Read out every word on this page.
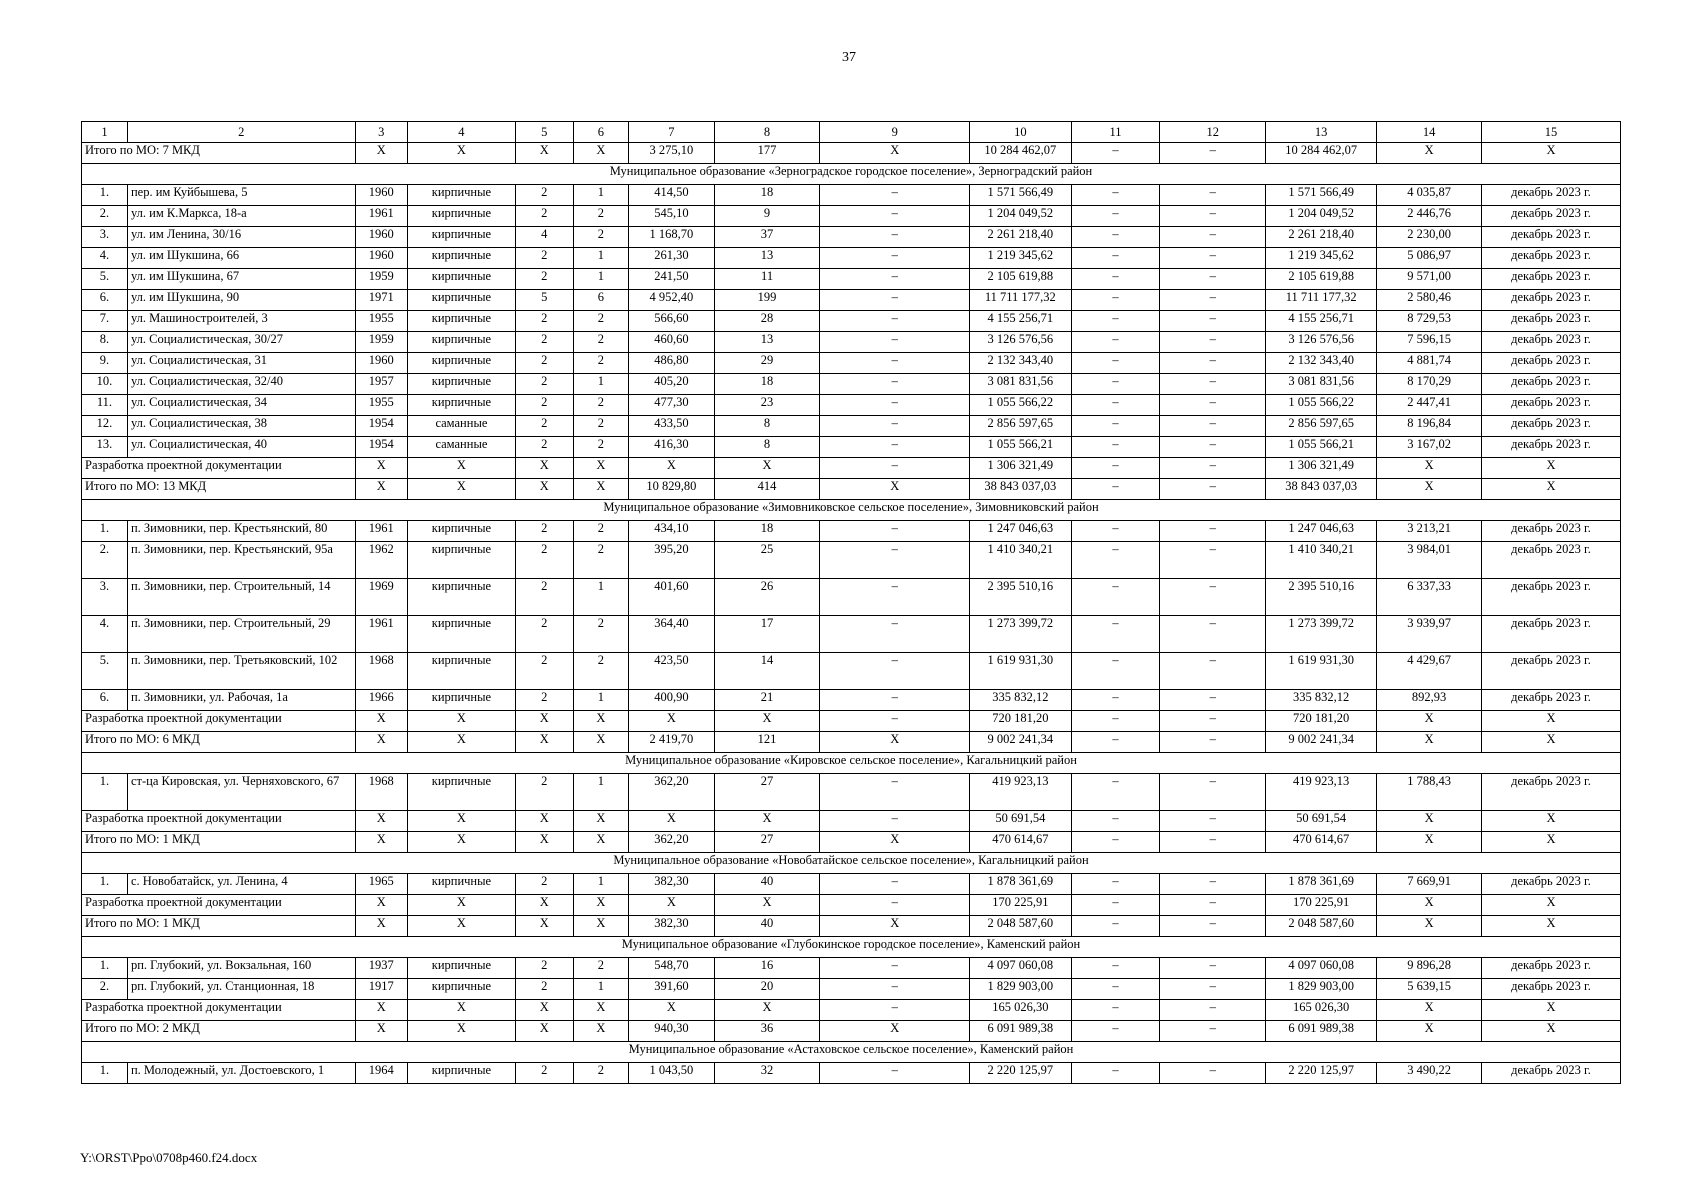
37
1	2	3	4	5	6	7	8	9	10	11	12	13	14	15
Итого по МО: 7 МКД		X	X	X	X	3 275,10	177	X	10 284 462,07	–	–	10 284 462,07	X	X
Муниципальное образование «Зерноградское городское поселение», Зерноградский район														
1.	пер. им Куйбышева, 5	1960	кирпичные	2	1	414,50	18	–	1 571 566,49	–	–	1 571 566,49	4 035,87	декабрь 2023 г.
2.	ул. им К.Маркса, 18-а	1961	кирпичные	2	2	545,10	9	–	1 204 049,52	–	–	1 204 049,52	2 446,76	декабрь 2023 г.
3.	ул. им Ленина, 30/16	1960	кирпичные	4	2	1 168,70	37	–	2 261 218,40	–	–	2 261 218,40	2 230,00	декабрь 2023 г.
4.	ул. им Шукшина, 66	1960	кирпичные	2	1	261,30	13	–	1 219 345,62	–	–	1 219 345,62	5 086,97	декабрь 2023 г.
5.	ул. им Шукшина, 67	1959	кирпичные	2	1	241,50	11	–	2 105 619,88	–	–	2 105 619,88	9 571,00	декабрь 2023 г.
6.	ул. им Шукшина, 90	1971	кирпичные	5	6	4 952,40	199	–	11 711 177,32	–	–	11 711 177,32	2 580,46	декабрь 2023 г.
7.	ул. Машиностроителей, 3	1955	кирпичные	2	2	566,60	28	–	4 155 256,71	–	–	4 155 256,71	8 729,53	декабрь 2023 г.
8.	ул. Социалистическая, 30/27	1959	кирпичные	2	2	460,60	13	–	3 126 576,56	–	–	3 126 576,56	7 596,15	декабрь 2023 г.
9.	ул. Социалистическая, 31	1960	кирпичные	2	2	486,80	29	–	2 132 343,40	–	–	2 132 343,40	4 881,74	декабрь 2023 г.
10.	ул. Социалистическая, 32/40	1957	кирпичные	2	1	405,20	18	–	3 081 831,56	–	–	3 081 831,56	8 170,29	декабрь 2023 г.
11.	ул. Социалистическая, 34	1955	кирпичные	2	2	477,30	23	–	1 055 566,22	–	–	1 055 566,22	2 447,41	декабрь 2023 г.
12.	ул. Социалистическая, 38	1954	саманные	2	2	433,50	8	–	2 856 597,65	–	–	2 856 597,65	8 196,84	декабрь 2023 г.
13.	ул. Социалистическая, 40	1954	саманные	2	2	416,30	8	–	1 055 566,21	–	–	1 055 566,21	3 167,02	декабрь 2023 г.
Разработка проектной документации		X	X	X	X	X	X	–	1 306 321,49	–	–	1 306 321,49	X	X
Итого по МО: 13 МКД		X	X	X	X	10 829,80	414	X	38 843 037,03	–	–	38 843 037,03	X	X
Муниципальное образование «Зимовниковское сельское поселение», Зимовниковский район														
1.	п. Зимовники, пер. Крестьянский, 80	1961	кирпичные	2	2	434,10	18	–	1 247 046,63	–	–	1 247 046,63	3 213,21	декабрь 2023 г.
2.	п. Зимовники, пер. Крестьянский, 95а	1962	кирпичные	2	2	395,20	25	–	1 410 340,21	–	–	1 410 340,21	3 984,01	декабрь 2023 г.
3.	п. Зимовники, пер. Строительный, 14	1969	кирпичные	2	1	401,60	26	–	2 395 510,16	–	–	2 395 510,16	6 337,33	декабрь 2023 г.
4.	п. Зимовники, пер. Строительный, 29	1961	кирпичные	2	2	364,40	17	–	1 273 399,72	–	–	1 273 399,72	3 939,97	декабрь 2023 г.
5.	п. Зимовники, пер. Третьяковский, 102	1968	кирпичные	2	2	423,50	14	–	1 619 931,30	–	–	1 619 931,30	4 429,67	декабрь 2023 г.
6.	п. Зимовники, ул. Рабочая, 1а	1966	кирпичные	2	1	400,90	21	–	335 832,12	–	–	335 832,12	892,93	декабрь 2023 г.
Разработка проектной документации		X	X	X	X	X	X	–	720 181,20	–	–	720 181,20	X	X
Итого по МО: 6 МКД		X	X	X	X	2 419,70	121	X	9 002 241,34	–	–	9 002 241,34	X	X
Муниципальное образование «Кировское сельское поселение», Кагальницкий район														
1.	ст-ца Кировская, ул. Черняховского, 67	1968	кирпичные	2	1	362,20	27	–	419 923,13	–	–	419 923,13	1 788,43	декабрь 2023 г.
Разработка проектной документации		X	X	X	X	X	X	–	50 691,54	–	–	50 691,54	X	X
Итого по МО: 1 МКД		X	X	X	X	362,20	27	X	470 614,67	–	–	470 614,67	X	X
Муниципальное образование «Новобатайское сельское поселение», Кагальницкий район														
1.	с. Новобатайск, ул. Ленина, 4	1965	кирпичные	2	1	382,30	40	–	1 878 361,69	–	–	1 878 361,69	7 669,91	декабрь 2023 г.
Разработка проектной документации		X	X	X	X	X	X	–	170 225,91	–	–	170 225,91	X	X
Итого по МО: 1 МКД		X	X	X	X	382,30	40	X	2 048 587,60	–	–	2 048 587,60	X	X
Муниципальное образование «Глубокинское городское поселение», Каменский район														
1.	рп. Глубокий, ул. Вокзальная, 160	1937	кирпичные	2	2	548,70	16	–	4 097 060,08	–	–	4 097 060,08	9 896,28	декабрь 2023 г.
2.	рп. Глубокий, ул. Станционная, 18	1917	кирпичные	2	1	391,60	20	–	1 829 903,00	–	–	1 829 903,00	5 639,15	декабрь 2023 г.
Разработка проектной документации		X	X	X	X	X	X	–	165 026,30	–	–	165 026,30	X	X
Итого по МО: 2 МКД		X	X	X	X	940,30	36	X	6 091 989,38	–	–	6 091 989,38	X	X
Муниципальное образование «Астаховское сельское поселение», Каменский район														
1.	п. Молодежный, ул. Достоевского, 1	1964	кирпичные	2	2	1 043,50	32	–	2 220 125,97	–	–	2 220 125,97	3 490,22	декабрь 2023 г.
Y:\ORST\Ppo\0708p460.f24.docx
